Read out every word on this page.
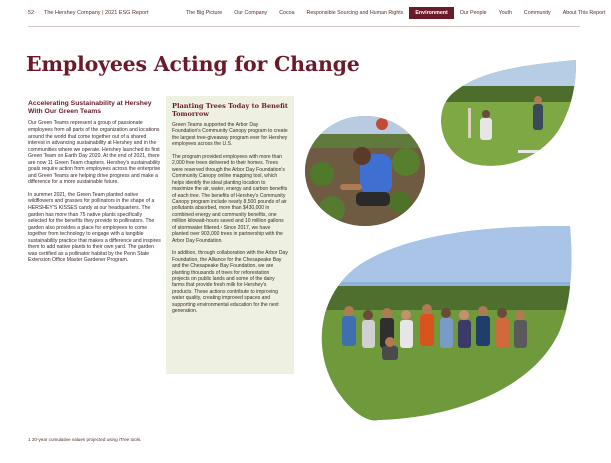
52 The Hershey Company | 2021 ESG Report	The Big Picture	Our Company	Cocoa	Responsible Sourcing and Human Rights	Environment	Our People	Youth	Community	About This Report
Employees Acting for Change
Accelerating Sustainability at Hershey With Our Green Teams

Our Green Teams represent a group of passionate employees from all parts of the organization and locations around the world that come together out of a shared interest in advancing sustainability at Hershey and in the communities where we operate. Hershey launched its first Green Team on Earth Day 2020. At the end of 2021, there are now 11 Green Team chapters. Hershey's sustainability goals require action from employees across the enterprise and Green Teams are helping drive progress and make a difference for a more sustainable future.

In summer 2021, the Green Team planted native wildflowers and grasses for pollinators in the shape of a HERSHEY'S KISSES candy at our headquarters. The garden has more than 75 native plants specifically selected for the benefits they provide to pollinators. The garden also provides a place for employees to come together from technology to engage with a tangible sustainability practice that makes a difference and inspires them to add native plants to their own yard. The garden was certified as a pollinator habitat by the Penn State Extension Office Master Gardener Program.

Planting Trees Today to Benefit Tomorrow

Green Teams supported the Arbor Day Foundation's Community Canopy program to create the largest tree-giveaway program ever for Hershey employees across the U.S.

The program provided employees with more than 2,000 free trees delivered to their homes. Trees were reserved through the Arbor Day Foundation's Community Canopy online mapping tool, which helps identify the ideal planting location to maximize the air, water, energy and carbon benefits of each tree. The benefits of Hershey's Community Canopy program include nearly 8,500 pounds of air pollutants absorbed, more than $430,000 in combined energy and community benefits, one million kilowatt-hours saved and 10 million gallons of stormwater filtered.¹ Since 2017, we have planted over 903,000 trees in partnership with the Arbor Day Foundation.

In addition, through collaboration with the Arbor Day Foundation, the Alliance for the Chesapeake Bay and the Chesapeake Bay Foundation, we are planting thousands of trees for reforestation projects on public lands and some of the dairy farms that provide fresh milk for Hershey's products. These actions contribute to improving water quality, creating improved spaces and supporting environmental education for the next generation.

1 20-year cumulative values projected using iTree tools.
